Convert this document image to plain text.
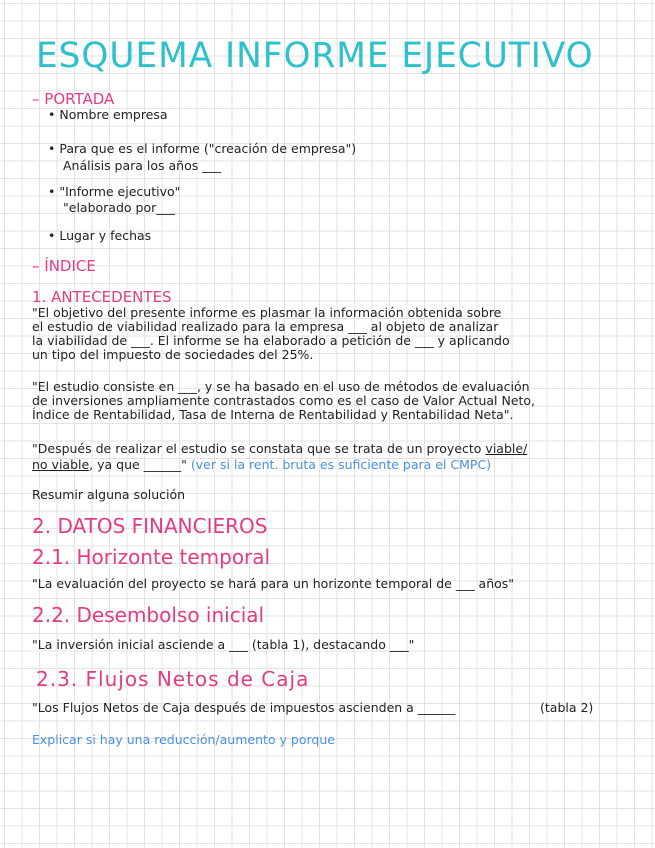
ESQUEMA INFORME EJECUTIVO
– PORTADA
• Nombre empresa
• Para que es el informe ("creación de empresa")
Análisis para los años ___
• "Informe ejecutivo"
"elaborado por___
• Lugar y fechas
– ÍNDICE
1. ANTECEDENTES
"El objetivo del presente informe es plasmar la información obtenida sobre
el estudio de viabilidad realizado para la empresa ___ al objeto de analizar
la viabilidad de ___. El informe se ha elaborado a petición de ___ y aplicando
un tipo del impuesto de sociedades del 25%.
"El estudio consiste en ___, y se ha basado en el uso de métodos de evaluación
de inversiones ampliamente contrastados como es el caso de Valor Actual Neto,
Índice de Rentabilidad, Tasa de Interna de Rentabilidad y Rentabilidad Neta".
"Después de realizar el estudio se constata que se trata de un proyecto viable/
no viable, ya que ______" (ver si la rent. bruta es suficiente para el CMPC)
Resumir alguna solución
2. DATOS FINANCIEROS
2.1. Horizonte temporal
"La evaluación del proyecto se hará para un horizonte temporal de ___ años"
2.2. Desembolso inicial
"La inversión inicial asciende a ___ (tabla 1), destacando ___"
2.3. Flujos Netos de Caja
"Los Flujos Netos de Caja después de impuestos ascienden a ______	(tabla 2)
Explicar si hay una reducción/aumento y porque
